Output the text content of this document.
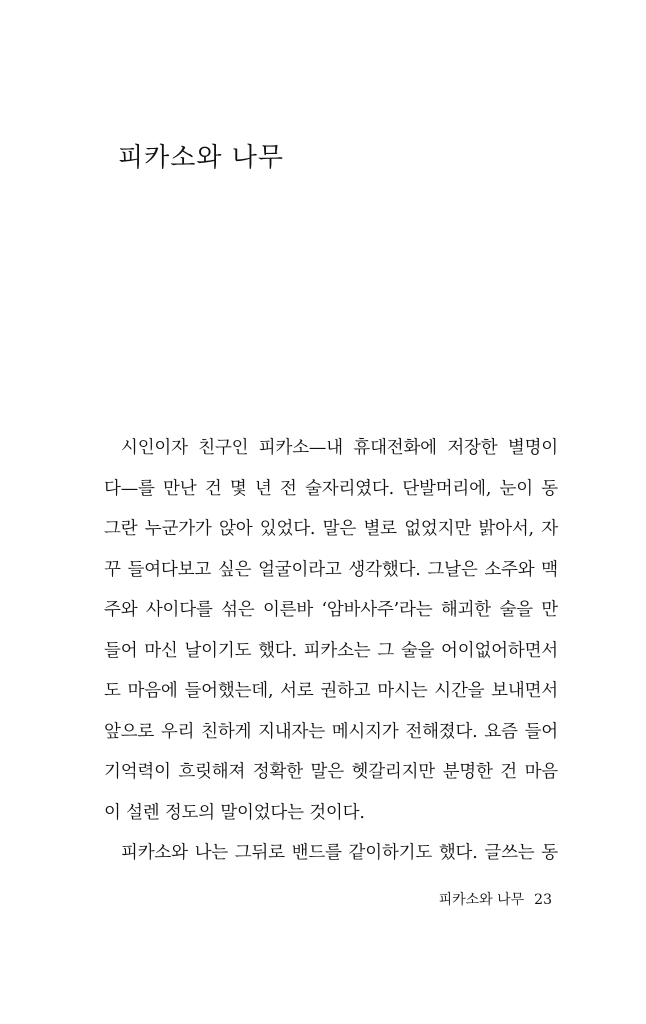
피카소와 나무
시인이자 친구인 피카소—내 휴대전화에 저장한 별명이
다—를 만난 건 몇 년 전 술자리였다. 단발머리에, 눈이 동
그란 누군가가 앉아 있었다. 말은 별로 없었지만 밝아서, 자
꾸 들여다보고 싶은 얼굴이라고 생각했다. 그날은 소주와 맥
주와 사이다를 섞은 이른바 ‘암바사주’라는 해괴한 술을 만
들어 마신 날이기도 했다. 피카소는 그 술을 어이없어하면서
도 마음에 들어했는데, 서로 권하고 마시는 시간을 보내면서
앞으로 우리 친하게 지내자는 메시지가 전해졌다. 요즘 들어
기억력이 흐릿해져 정확한 말은 헷갈리지만 분명한 건 마음
이 설렌 정도의 말이었다는 것이다.
피카소와 나는 그뒤로 밴드를 같이하기도 했다. 글쓰는 동
피카소와 나무 23
